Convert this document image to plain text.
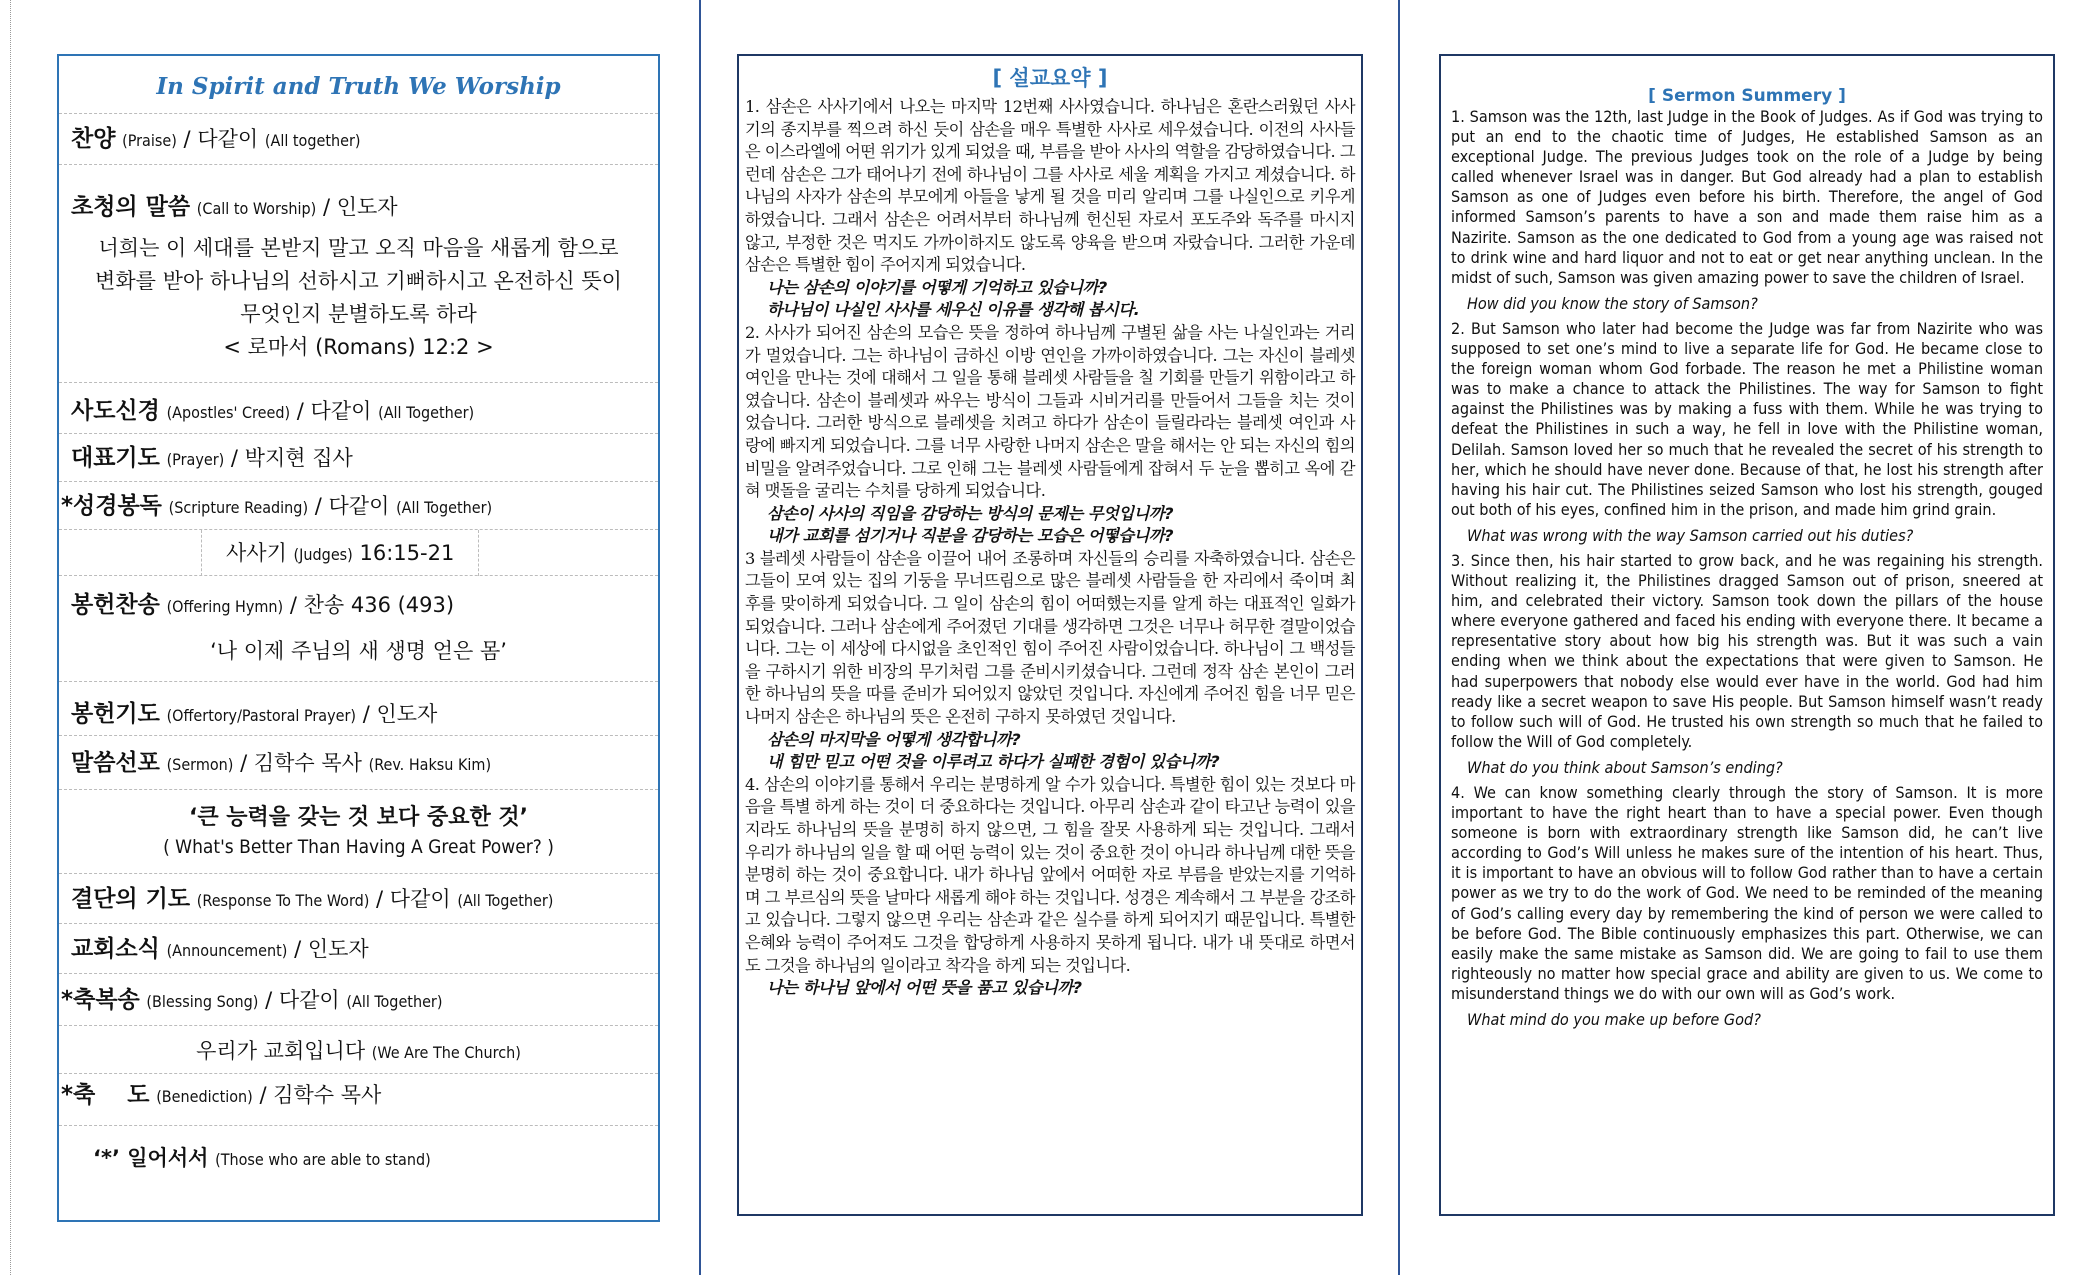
In Spirit and Truth We Worship
찬양 (Praise) / 다같이 (All together)
초청의 말씀 (Call to Worship) / 인도자
너희는 이 세대를 본받지 말고 오직 마음을 새롭게 함으로
변화를 받아 하나님의 선하시고 기뻐하시고 온전하신 뜻이
무엇인지 분별하도록 하라
< 로마서 (Romans) 12:2 >
사도신경 (Apostles' Creed) / 다같이 (All Together)
대표기도 (Prayer) / 박지현 집사
*성경봉독 (Scripture Reading) / 다같이 (All Together)
사사기 (Judges) 16:15-21
봉헌찬송 (Offering Hymn) / 찬송 436 (493)
‘나 이제 주님의 새 생명 얻은 몸’
봉헌기도 (Offertory/Pastoral Prayer) / 인도자
말씀선포 (Sermon) / 김학수 목사 (Rev. Haksu Kim)
‘큰 능력을 갖는 것 보다 중요한 것’
( What's Better Than Having A Great Power? )
결단의 기도 (Response To The Word) / 다같이 (All Together)
교회소식 (Announcement) / 인도자
*축복송 (Blessing Song) / 다같이 (All Together)
우리가 교회입니다 (We Are The Church)
*축    도 (Benediction) / 김학수 목사
‘*’ 일어서서 (Those who are able to stand)
[ 설교요약 ]

1. 삼손은 사사기에서 나오는 마지막 12번째 사사였습니다. 하나님은 혼란스러웠던 사사기의 종지부를 찍으려 하신 듯이 삼손을 매우 특별한 사사로 세우셨습니다. 이전의 사사들은 이스라엘에 어떤 위기가 있게 되었을 때, 부름을 받아 사사의 역할을 감당하였습니다. 그런데 삼손은 그가 태어나기 전에 하나님이 그를 사사로 세울 계획을 가지고 계셨습니다. 하나님의 사자가 삼손의 부모에게 아들을 낳게 될 것을 미리 알리며 그를 나실인으로 키우게 하였습니다. 그래서 삼손은 어려서부터 하나님께 헌신된 자로서 포도주와 독주를 마시지 않고, 부정한 것은 먹지도 가까이하지도 않도록 양육을 받으며 자랐습니다. 그러한 가운데 삼손은 특별한 힘이 주어지게 되었습니다.

나는 삼손의 이야기를 어떻게 기억하고 있습니까?

하나님이 나실인 사사를 세우신 이유를 생각해 봅시다.

2. 사사가 되어진 삼손의 모습은 뜻을 정하여 하나님께 구별된 삶을 사는 나실인과는 거리가 멀었습니다. 그는 하나님이 금하신 이방 연인을 가까이하였습니다. 그는 자신이 블레셋 여인을 만나는 것에 대해서 그 일을 통해 블레셋 사람들을 칠 기회를 만들기 위함이라고 하였습니다. 삼손이 블레셋과 싸우는 방식이 그들과 시비거리를 만들어서 그들을 치는 것이었습니다. 그러한 방식으로 블레셋을 치려고 하다가 삼손이 들릴라라는 블레셋 여인과 사랑에 빠지게 되었습니다. 그를 너무 사랑한 나머지 삼손은 말을 해서는 안 되는 자신의 힘의 비밀을 알려주었습니다. 그로 인해 그는 블레셋 사람들에게 잡혀서 두 눈을 뽑히고 옥에 갇혀 맷돌을 굴리는 수치를 당하게 되었습니다.

삼손이 사사의 직임을 감당하는 방식의 문제는 무엇입니까?

내가 교회를 섬기거나 직분을 감당하는 모습은 어떻습니까?

3 블레셋 사람들이 삼손을 이끌어 내어 조롱하며 자신들의 승리를 자축하였습니다. 삼손은 그들이 모여 있는 집의 기둥을 무너뜨림으로 많은 블레셋 사람들을 한 자리에서 죽이며 최후를 맞이하게 되었습니다. 그 일이 삼손의 힘이 어떠했는지를 알게 하는 대표적인 일화가 되었습니다. 그러나 삼손에게 주어졌던 기대를 생각하면 그것은 너무나 허무한 결말이었습니다. 그는 이 세상에 다시없을 초인적인 힘이 주어진 사람이었습니다. 하나님이 그 백성들을 구하시기 위한 비장의 무기처럼 그를 준비시키셨습니다. 그런데 정작 삼손 본인이 그러한 하나님의 뜻을 따를 준비가 되어있지 않았던 것입니다. 자신에게 주어진 힘을 너무 믿은 나머지 삼손은 하나님의 뜻은 온전히 구하지 못하였던 것입니다.

삼손의 마지막을 어떻게 생각합니까?

내 힘만 믿고 어떤 것을 이루려고 하다가 실패한 경험이 있습니까?

4. 삼손의 이야기를 통해서 우리는 분명하게 알 수가 있습니다. 특별한 힘이 있는 것보다 마음을 특별 하게 하는 것이 더 중요하다는 것입니다. 아무리 삼손과 같이 타고난 능력이 있을지라도 하나님의 뜻을 분명히 하지 않으면, 그 힘을 잘못 사용하게 되는 것입니다. 그래서 우리가 하나님의 일을 할 때 어떤 능력이 있는 것이 중요한 것이 아니라 하나님께 대한 뜻을 분명히 하는 것이 중요합니다. 내가 하나님 앞에서 어떠한 자로 부름을 받았는지를 기억하며 그 부르심의 뜻을 날마다 새롭게 해야 하는 것입니다. 성경은 계속해서 그 부분을 강조하고 있습니다. 그렇지 않으면 우리는 삼손과 같은 실수를 하게 되어지기 때문입니다. 특별한 은혜와 능력이 주어져도 그것을 합당하게 사용하지 못하게 됩니다. 내가 내 뜻대로 하면서도 그것을 하나님의 일이라고 착각을 하게 되는 것입니다.

나는 하나님 앞에서 어떤 뜻을 품고 있습니까?

[ Sermon Summery ]

1. Samson was the 12th, last Judge in the Book of Judges. As if God was trying to put an end to the chaotic time of Judges, He established Samson as an exceptional Judge. The previous Judges took on the role of a Judge by being called whenever Israel was in danger. But God already had a plan to establish Samson as one of Judges even before his birth. Therefore, the angel of God informed Samson’s parents to have a son and made them raise him as a Nazirite. Samson as the one dedicated to God from a young age was raised not to drink wine and hard liquor and not to eat or get near anything unclean. In the midst of such, Samson was given amazing power to save the children of Israel.

How did you know the story of Samson?

2. But Samson who later had become the Judge was far from Nazirite who was supposed to set one’s mind to live a separate life for God. He became close to the foreign woman whom God forbade. The reason he met a Philistine woman was to make a chance to attack the Philistines. The way for Samson to fight against the Philistines was by making a fuss with them. While he was trying to defeat the Philistines in such a way, he fell in love with the Philistine woman, Delilah. Samson loved her so much that he revealed the secret of his strength to her, which he should have never done. Because of that, he lost his strength after having his hair cut. The Philistines seized Samson who lost his strength, gouged out both of his eyes, confined him in the prison, and made him grind grain.

What was wrong with the way Samson carried out his duties?

3. Since then, his hair started to grow back, and he was regaining his strength. Without realizing it, the Philistines dragged Samson out of prison, sneered at him, and celebrated their victory. Samson took down the pillars of the house where everyone gathered and faced his ending with everyone there. It became a representative story about how big his strength was. But it was such a vain ending when we think about the expectations that were given to Samson. He had superpowers that nobody else would ever have in the world. God had him ready like a secret weapon to save His people. But Samson himself wasn’t ready to follow such will of God. He trusted his own strength so much that he failed to follow the Will of God completely.

What do you think about Samson’s ending?

4. We can know something clearly through the story of Samson. It is more important to have the right heart than to have a special power. Even though someone is born with extraordinary strength like Samson did, he can’t live according to God’s Will unless he makes sure of the intention of his heart. Thus, it is important to have an obvious will to follow God rather than to have a certain power as we try to do the work of God. We need to be reminded of the meaning of God’s calling every day by remembering the kind of person we were called to be before God. The Bible continuously emphasizes this part. Otherwise, we can easily make the same mistake as Samson did. We are going to fail to use them righteously no matter how special grace and ability are given to us. We come to misunderstand things we do with our own will as God’s work.

What mind do you make up before God?
